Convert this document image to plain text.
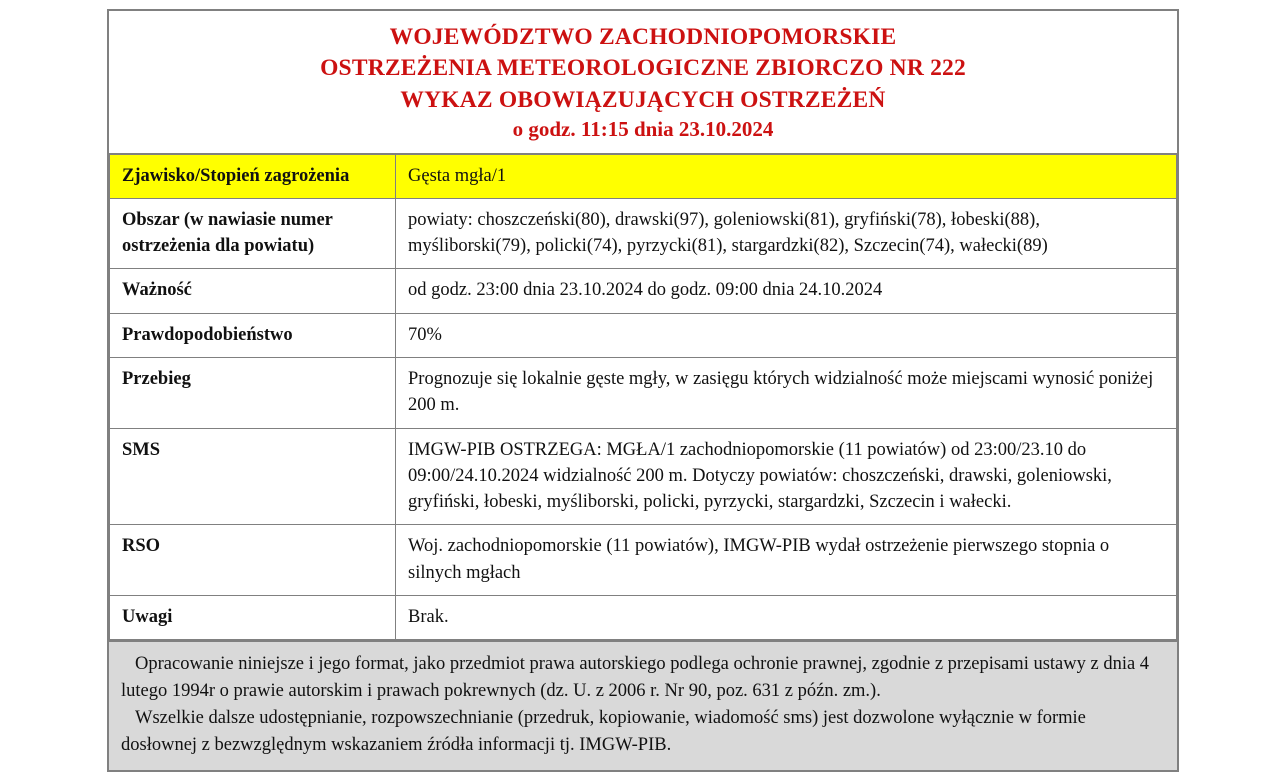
WOJEWÓDZTWO ZACHODNIOPOMORSKIE
OSTRZEŻENIA METEOROLOGICZNE ZBIORCZO NR 222
WYKAZ OBOWIĄZUJĄCYCH OSTRZEŻEŃ
o godz. 11:15 dnia 23.10.2024
Zjawisko/Stopień zagrożenia	Gęsta mgła/1
Obszar (w nawiasie numer ostrzeżenia dla powiatu)	powiaty: choszczeński(80), drawski(97), goleniowski(81), gryfiński(78), łobeski(88), myśliborski(79), policki(74), pyrzycki(81), stargardzki(82), Szczecin(74), wałecki(89)
Ważność	od godz. 23:00 dnia 23.10.2024 do godz. 09:00 dnia 24.10.2024
Prawdopodobieństwo	70%
Przebieg	Prognozuje się lokalnie gęste mgły, w zasięgu których widzialność może miejscami wynosić poniżej 200 m.
SMS	IMGW-PIB OSTRZEGA: MGŁA/1 zachodniopomorskie (11 powiatów) od 23:00/23.10 do 09:00/24.10.2024 widzialność 200 m. Dotyczy powiatów: choszczeński, drawski, goleniowski, gryfiński, łobeski, myśliborski, policki, pyrzycki, stargardzki, Szczecin i wałecki.
RSO	Woj. zachodniopomorskie (11 powiatów), IMGW-PIB wydał ostrzeżenie pierwszego stopnia o silnych mgłach
Uwagi	Brak.

Opracowanie niniejsze i jego format, jako przedmiot prawa autorskiego podlega ochronie prawnej, zgodnie z przepisami ustawy z dnia 4 lutego 1994r o prawie autorskim i prawach pokrewnych (dz. U. z 2006 r. Nr 90, poz. 631 z późn. zm.).

Wszelkie dalsze udostępnianie, rozpowszechnianie (przedruk, kopiowanie, wiadomość sms) jest dozwolone wyłącznie w formie dosłownej z bezwzględnym wskazaniem źródła informacji tj. IMGW-PIB.
